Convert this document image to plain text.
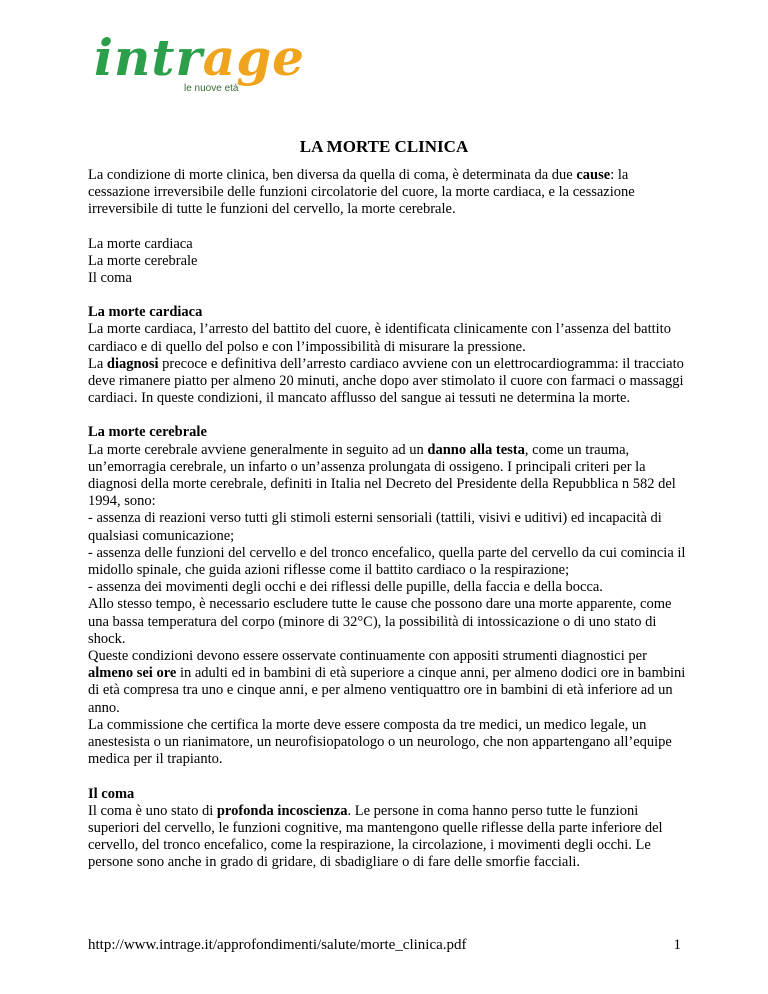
intrage
le nuove età
LA MORTE CLINICA

La condizione di morte clinica, ben diversa da quella di coma, è determinata da due cause: la cessazione irreversibile delle funzioni circolatorie del cuore, la morte cardiaca, e la cessazione irreversibile di tutte le funzioni del cervello, la morte cerebrale.

La morte cardiaca
La morte cerebrale
Il coma
La morte cardiaca
La morte cardiaca, l’arresto del battito del cuore, è identificata clinicamente con l’assenza del battito cardiaco e di quello del polso e con l’impossibilità di misurare la pressione.
La diagnosi precoce e definitiva dell’arresto cardiaco avviene con un elettrocardiogramma: il tracciato deve rimanere piatto per almeno 20 minuti, anche dopo aver stimolato il cuore con farmaci o massaggi cardiaci. In queste condizioni, il mancato afflusso del sangue ai tessuti ne determina la morte.
La morte cerebrale
La morte cerebrale avviene generalmente in seguito ad un danno alla testa, come un trauma, un’emorragia cerebrale, un infarto o un’assenza prolungata di ossigeno. I principali criteri per la diagnosi della morte cerebrale, definiti in Italia nel Decreto del Presidente della Repubblica n 582 del 1994, sono:
- assenza di reazioni verso tutti gli stimoli esterni sensoriali (tattili, visivi e uditivi) ed incapacità di qualsiasi comunicazione;
- assenza delle funzioni del cervello e del tronco encefalico, quella parte del cervello da cui comincia il midollo spinale, che guida azioni riflesse come il battito cardiaco o la respirazione;
- assenza dei movimenti degli occhi e dei riflessi delle pupille, della faccia e della bocca.
Allo stesso tempo, è necessario escludere tutte le cause che possono dare una morte apparente, come una bassa temperatura del corpo (minore di 32°C), la possibilità di intossicazione o di uno stato di shock.
Queste condizioni devono essere osservate continuamente con appositi strumenti diagnostici per almeno sei ore in adulti ed in bambini di età superiore a cinque anni, per almeno dodici ore in bambini di età compresa tra uno e cinque anni, e per almeno ventiquattro ore in bambini di età inferiore ad un anno.
La commissione che certifica la morte deve essere composta da tre medici, un medico legale, un anestesista o un rianimatore, un neurofisiopatologo o un neurologo, che non appartengano all’equipe medica per il trapianto.
Il coma
Il coma è uno stato di profonda incoscienza. Le persone in coma hanno perso tutte le funzioni superiori del cervello, le funzioni cognitive, ma mantengono quelle riflesse della parte inferiore del cervello, del tronco encefalico, come la respirazione, la circolazione, i movimenti degli occhi. Le persone sono anche in grado di gridare, di sbadigliare o di fare delle smorfie facciali.
http://www.intrage.it/approfondimenti/salute/morte_clinica.pdf	1
